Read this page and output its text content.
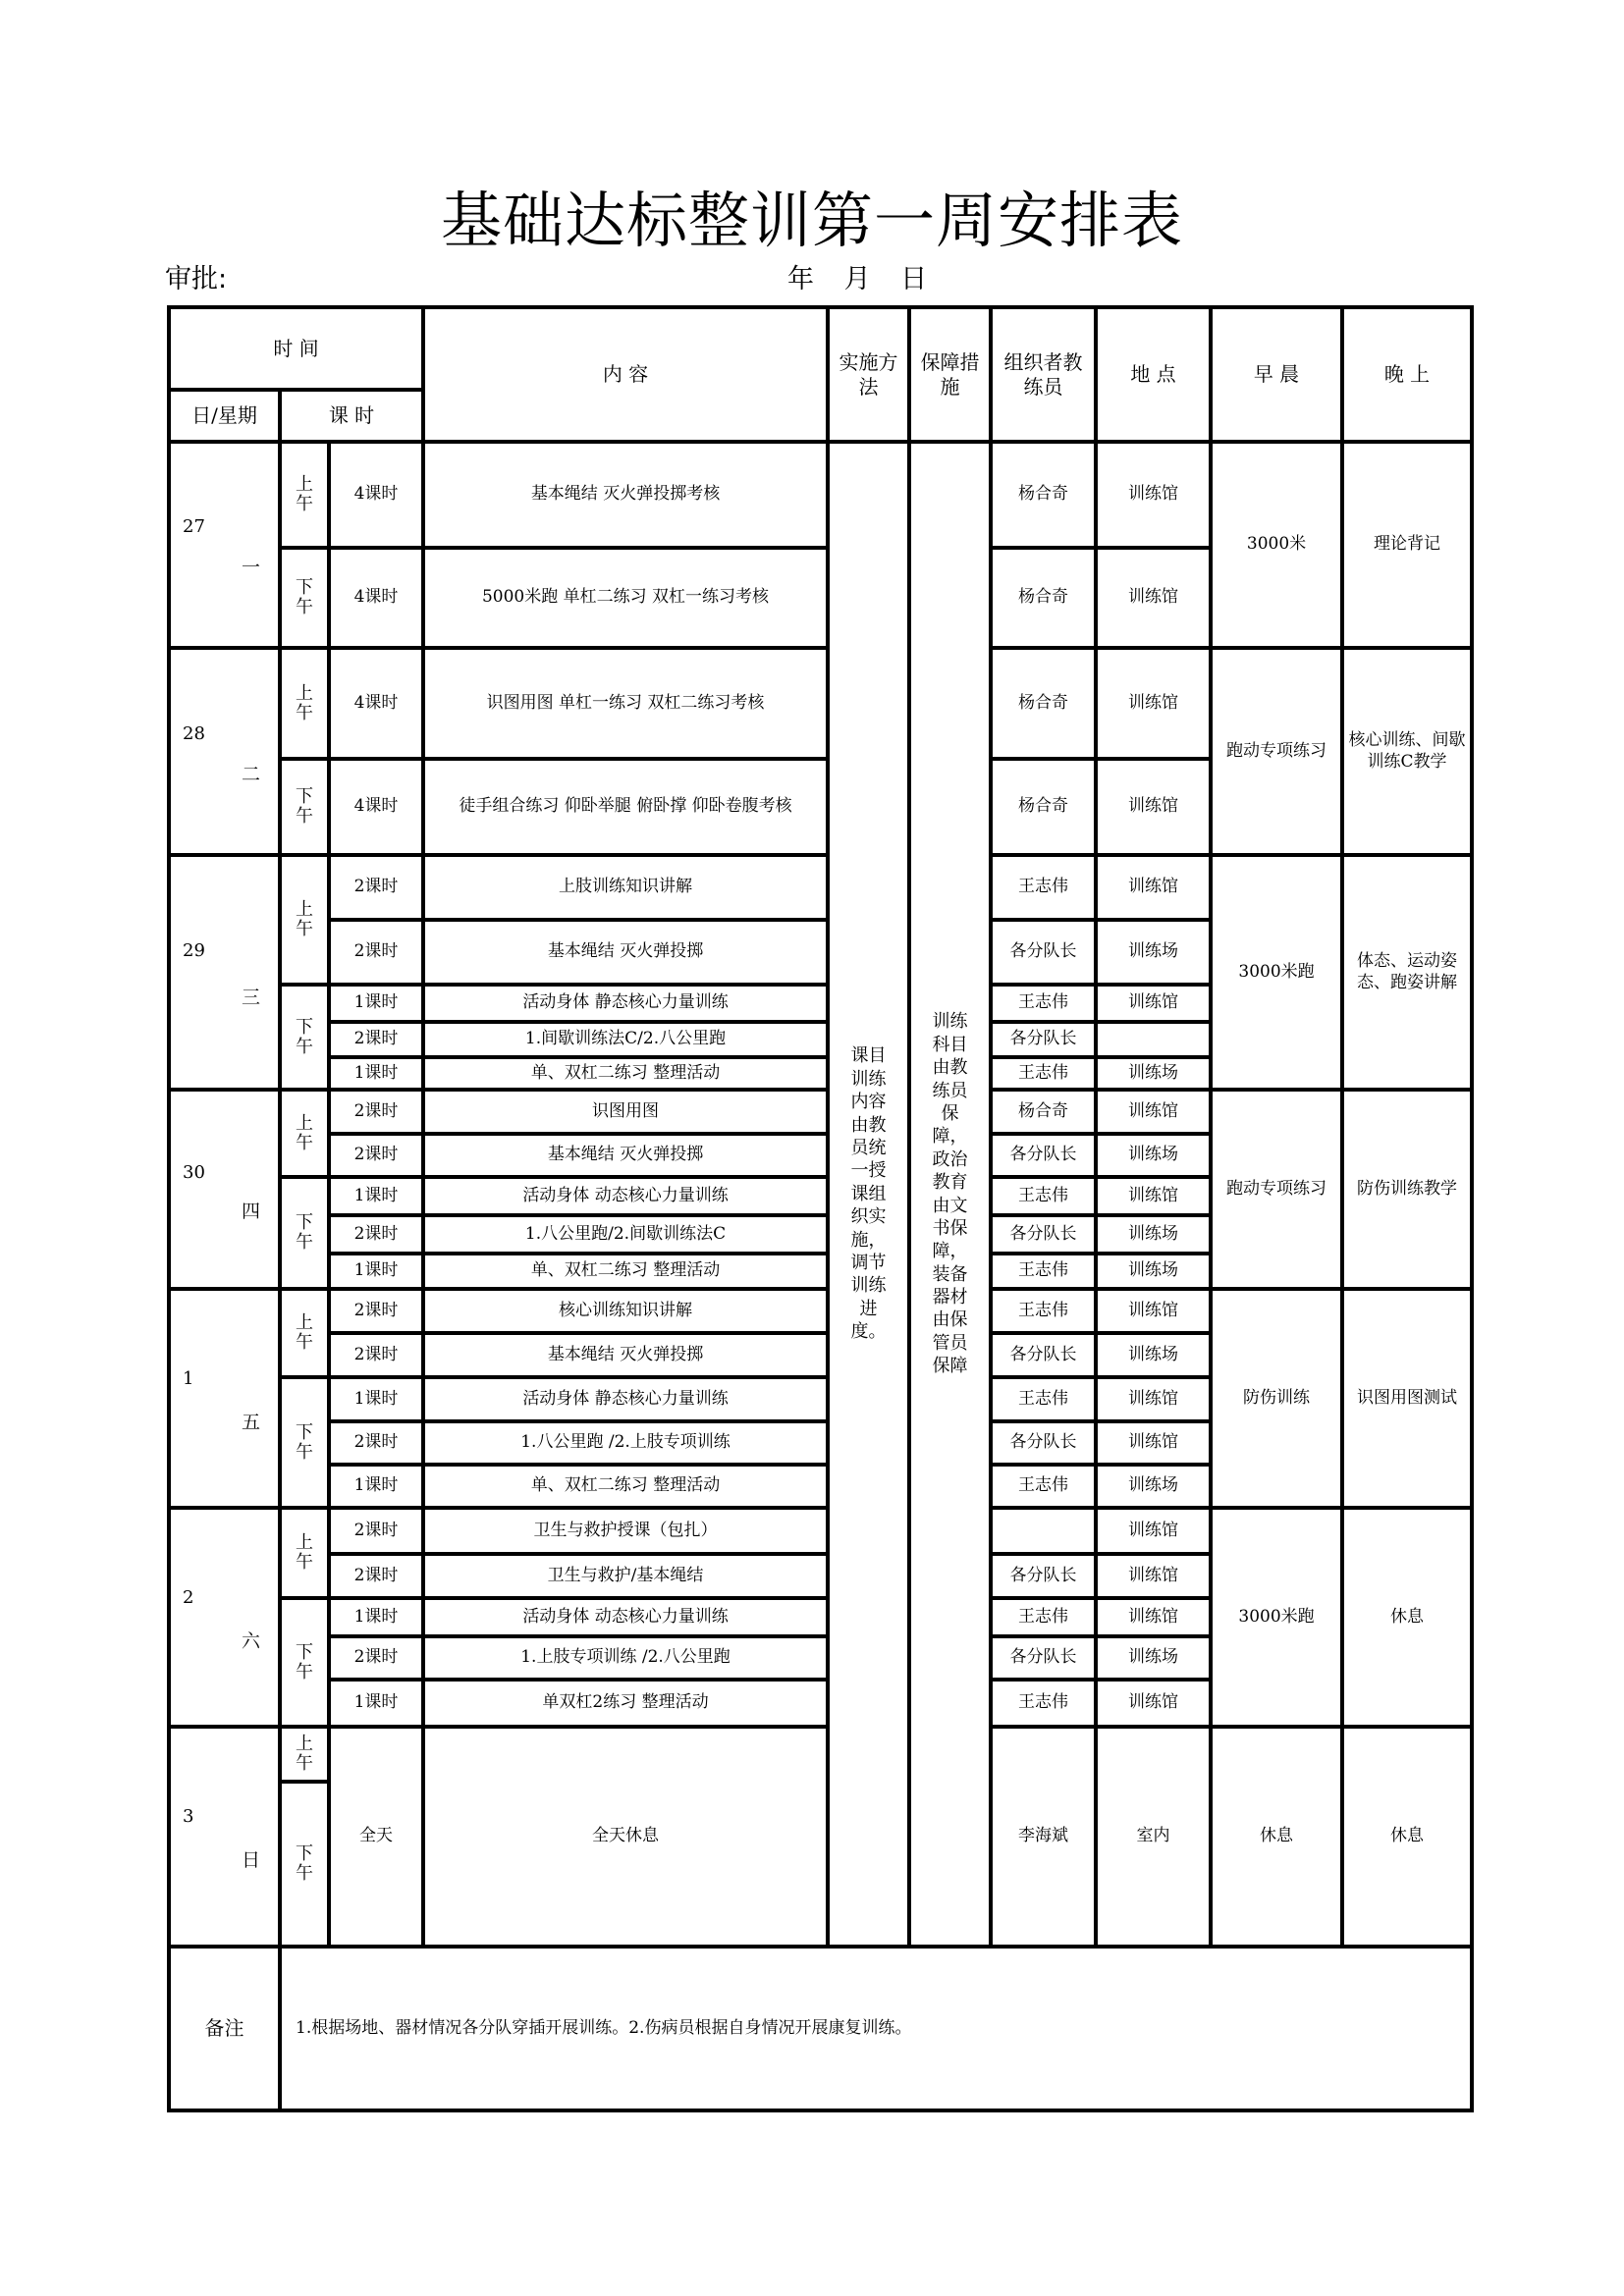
基础达标整训第一周安排表
审批:	年 月 日
时 间			内 容	实施方法	保障措施	组织者教练员	地 点	早 晨	晚 上
日/星期	课 时								

27
一	上午	4课时	基本绳结 灭火弹投掷考核	课目训练内容由教员统一授课组织实施，调节训练进度。	训练科目由教练员保障，政治教育由文书保障，装备器材由保管员保障	杨合奇	训练馆	3000米	理论背记
	下午	4课时	5000米跑 单杠二练习 双杠一练习考核			杨合奇	训练馆		

28
二	上午	4课时	识图用图 单杠一练习 双杠二练习考核			杨合奇	训练馆	跑动专项练习	核心训练、间歇训练C教学
	下午	4课时	徒手组合练习 仰卧举腿 俯卧撑 仰卧卷腹考核			杨合奇	训练馆		

29
三	上午	2课时	上肢训练知识讲解			王志伟	训练馆	3000米跑	体态、运动姿态、跑姿讲解
		2课时	基本绳结 灭火弹投掷			各分队长	训练场		
	下午	1课时	活动身体 静态核心力量训练			王志伟	训练馆		
		2课时	1.间歇训练法C/2.八公里跑			各分队长			
		1课时	单、双杠二练习 整理活动			王志伟	训练场		

30
四	上午	2课时	识图用图			杨合奇	训练馆	跑动专项练习	防伤训练教学
		2课时	基本绳结 灭火弹投掷			各分队长	训练场		
	下午	1课时	活动身体 动态核心力量训练			王志伟	训练馆		
		2课时	1.八公里跑/2.间歇训练法C			各分队长	训练场		
		1课时	单、双杠二练习 整理活动			王志伟	训练场		

1
五	上午	2课时	核心训练知识讲解			王志伟	训练馆	防伤训练	识图用图测试
		2课时	基本绳结 灭火弹投掷			各分队长	训练场		
	下午	1课时	活动身体 静态核心力量训练			王志伟	训练馆		
		2课时	1.八公里跑 /2.上肢专项训练			各分队长	训练馆		
		1课时	单、双杠二练习 整理活动			王志伟	训练场		

2
六	上午	2课时	卫生与救护授课（包扎）				训练馆	3000米跑	休息
		2课时	卫生与救护/基本绳结			各分队长	训练馆		
	下午	1课时	活动身体 动态核心力量训练			王志伟	训练馆		
		2课时	1.上肢专项训练 /2.八公里跑			各分队长	训练场		
		1课时	单双杠2练习 整理活动			王志伟	训练馆		

3
日	上午	全天	全天休息			李海斌	室内	休息	休息
	下午								
备注	1.根据场地、器材情况各分队穿插开展训练。2.伤病员根据自身情况开展康复训练。								
